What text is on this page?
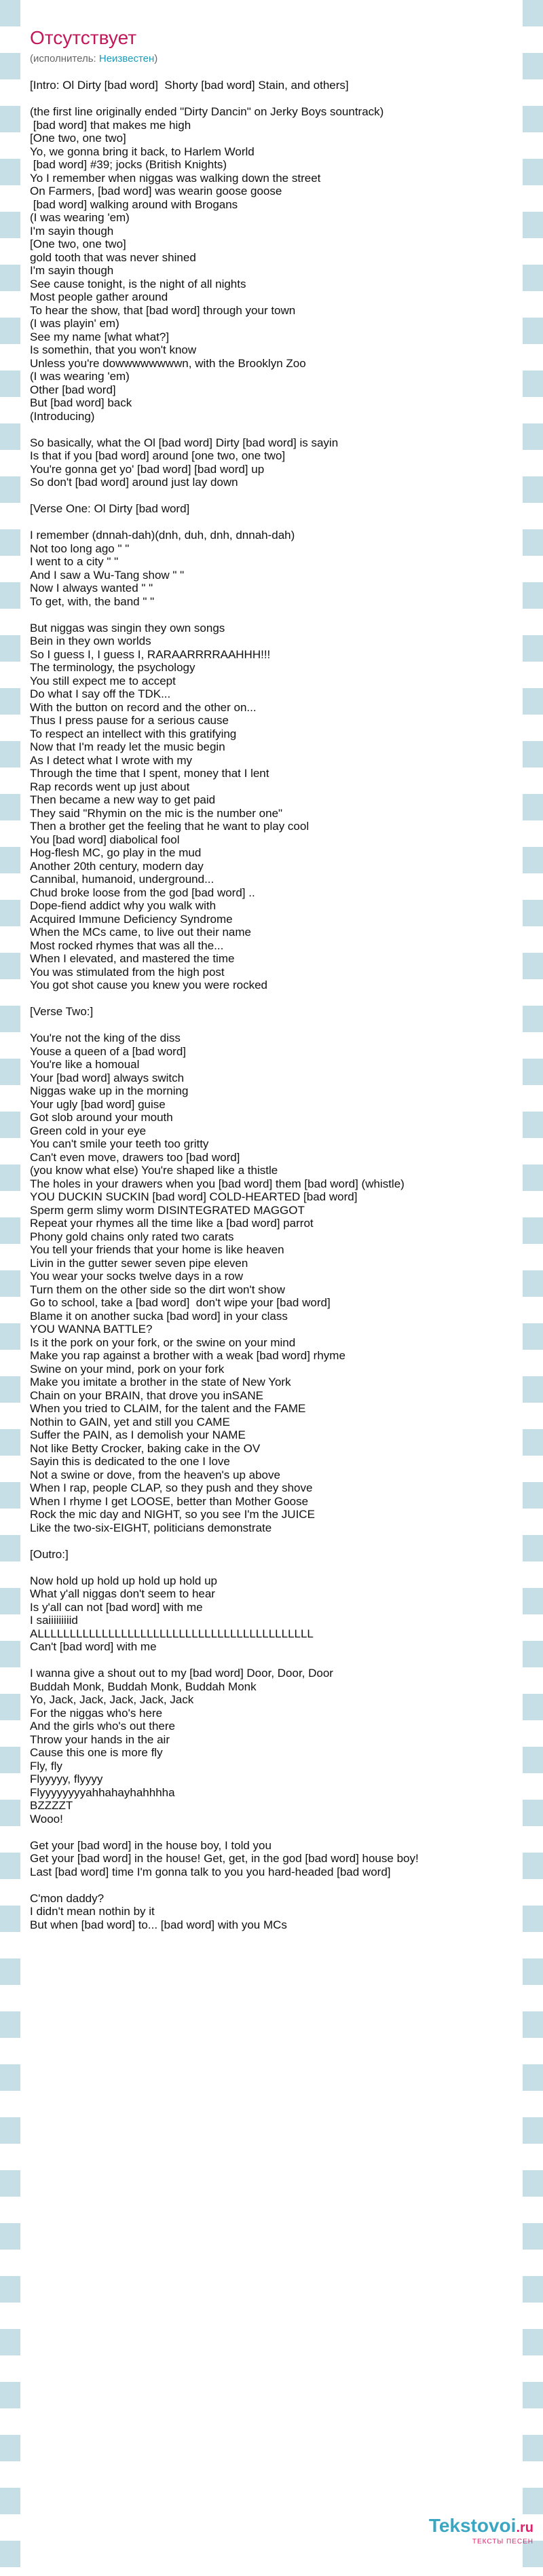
Отсутствует
(исполнитель: Неизвестен)
[Intro: Ol Dirty [bad word]  Shorty [bad word] Stain, and others]

(the first line originally ended "Dirty Dancin" on Jerky Boys sountrack)
[bad word] that makes me high
[One two, one two]
Yo, we gonna bring it back, to Harlem World
[bad word] #39; jocks (British Knights)
Yo I remember when niggas was walking down the street
On Farmers, [bad word] was wearin goose goose
[bad word] walking around with Brogans
(I was wearing 'em)
I'm sayin though
[One two, one two]
gold tooth that was never shined
I'm sayin though
See cause tonight, is the night of all nights
Most people gather around
To hear the show, that [bad word] through your town
(I was playin' em)
See my name [what what?]
Is somethin, that you won't know
Unless you're dowwwwwwwwn, with the Brooklyn Zoo
(I was wearing 'em)
Other [bad word]
But [bad word] back
(Introducing)

So basically, what the Ol [bad word] Dirty [bad word] is sayin
Is that if you [bad word] around [one two, one two]
You're gonna get yo' [bad word] [bad word] up
So don't [bad word] around just lay down

[Verse One: Ol Dirty [bad word]

I remember (dnnah-dah)(dnh, duh, dnh, dnnah-dah)
Not too long ago " "
I went to a city " "
And I saw a Wu-Tang show " "
Now I always wanted " "
To get, with, the band " "

But niggas was singin they own songs
Bein in they own worlds
So I guess I, I guess I, RARAARRRRAAHHH!!!
The terminology, the psychology
You still expect me to accept
Do what I say off the TDK...
With the button on record and the other on...
Thus I press pause for a serious cause
To respect an intellect with this gratifying
Now that I'm ready let the music begin
As I detect what I wrote with my
Through the time that I spent, money that I lent
Rap records went up just about
Then became a new way to get paid
They said "Rhymin on the mic is the number one"
Then a brother get the feeling that he want to play cool
You [bad word] diabolical fool
Hog-flesh MC, go play in the mud
Another 20th century, modern day
Cannibal, humanoid, underground...
Chud broke loose from the god [bad word] ..
Dope-fiend addict why you walk with
Acquired Immune Deficiency Syndrome
When the MCs came, to live out their name
Most rocked rhymes that was all the...
When I elevated, and mastered the time
You was stimulated from the high post
You got shot cause you knew you were rocked

[Verse Two:]

You're not the king of the diss
Youse a queen of a [bad word]
You're like a homoual
Your [bad word] always switch
Niggas wake up in the morning
Your ugly [bad word] guise
Got slob around your mouth
Green cold in your eye
You can't smile your teeth too gritty
Can't even move, drawers too [bad word]
(you know what else) You're shaped like a thistle
The holes in your drawers when you [bad word] them [bad word] (whistle)
YOU DUCKIN SUCKIN [bad word] COLD-HEARTED [bad word]
Sperm germ slimy worm DISINTEGRATED MAGGOT
Repeat your rhymes all the time like a [bad word] parrot
Phony gold chains only rated two carats
You tell your friends that your home is like heaven
Livin in the gutter sewer seven pipe eleven
You wear your socks twelve days in a row
Turn them on the other side so the dirt won't show
Go to school, take a [bad word]  don't wipe your [bad word]
Blame it on another sucka [bad word] in your class
YOU WANNA BATTLE?
Is it the pork on your fork, or the swine on your mind
Make you rap against a brother with a weak [bad word] rhyme
Swine on your mind, pork on your fork
Make you imitate a brother in the state of New York
Chain on your BRAIN, that drove you inSANE
When you tried to CLAIM, for the talent and the FAME
Nothin to GAIN, yet and still you CAME
Suffer the PAIN, as I demolish your NAME
Not like Betty Crocker, baking cake in the OV
Sayin this is dedicated to the one I love
Not a swine or dove, from the heaven's up above
When I rap, people CLAP, so they push and they shove
When I rhyme I get LOOSE, better than Mother Goose
Rock the mic day and NIGHT, so you see I'm the JUICE
Like the two-six-EIGHT, politicians demonstrate

[Outro:]

Now hold up hold up hold up hold up
What y'all niggas don't seem to hear
Is y'all can not [bad word] with me
I saiiiiiiiiid
ALLLLLLLLLLLLLLLLLLLLLLLLLLLLLLLLLLLLLLLLLLL
Can't [bad word] with me

I wanna give a shout out to my [bad word] Door, Door, Door
Buddah Monk, Buddah Monk, Buddah Monk
Yo, Jack, Jack, Jack, Jack, Jack
For the niggas who's here
And the girls who's out there
Throw your hands in the air
Cause this one is more fly
Fly, fly
Flyyyyy, flyyyy
Flyyyyyyyyahhahayhahhhha
BZZZZT
Wooo!

Get your [bad word] in the house boy, I told you
Get your [bad word] in the house! Get, get, in the god [bad word] house boy!
Last [bad word] time I'm gonna talk to you you hard-headed [bad word]

C'mon daddy?
I didn't mean nothin by it
But when [bad word] to... [bad word] with you MCs
Tekstovoi.ru
ТЕКСТЫ ПЕСЕН
